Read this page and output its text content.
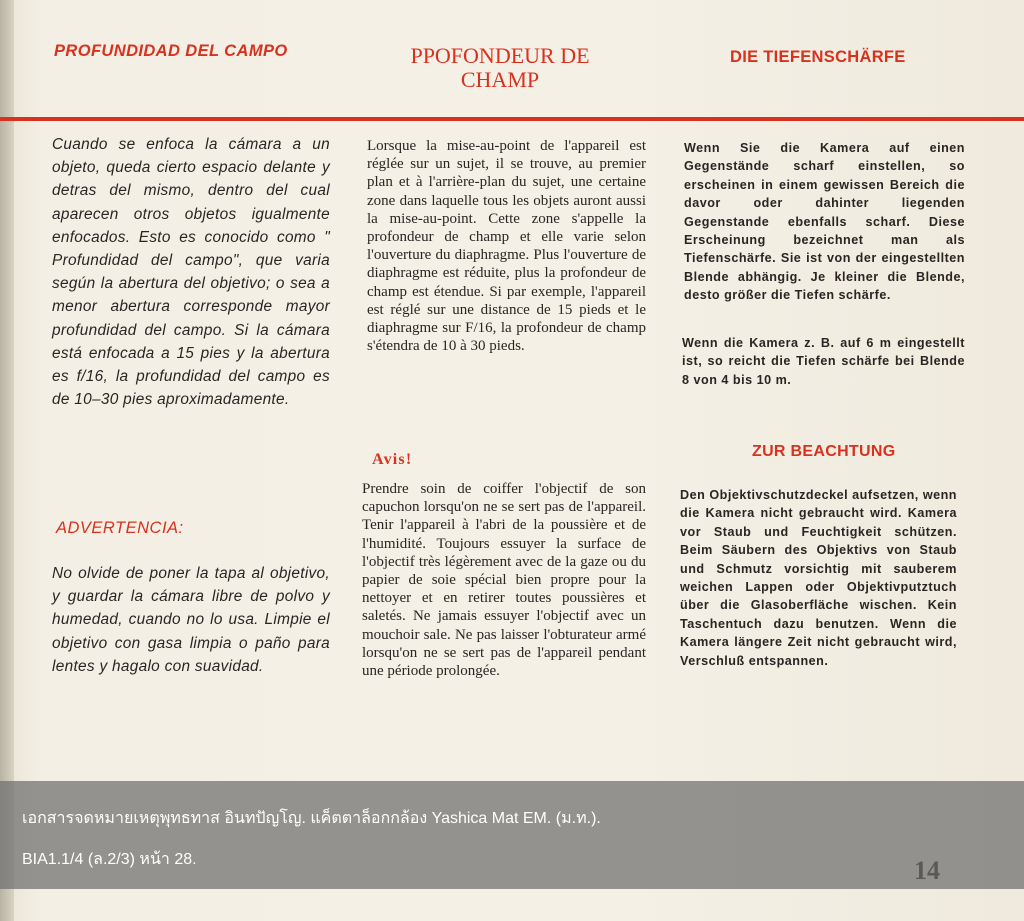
PROFUNDIDAD DEL CAMPO	PPOFONDEUR DE CHAMP
DIE TIEFENSCHÄRFE
Cuando se enfoca la cámara a un objeto, queda cierto espacio delante y detras del mismo, dentro del cual aparecen otros objetos igualmente enfocados. Esto es conocido como " Profundidad del campo", que varia según la abertura del objetivo; o sea a menor abertura corresponde mayor profundidad del campo. Si la cámara está enfocada a 15 pies y la abertura es f/16, la profundidad del campo es de 10–30 pies aproximadamente.
ADVERTENCIA:
No olvide de poner la tapa al objetivo, y guardar la cámara libre de polvo y humedad, cuando no lo usa. Limpie el objetivo con gasa limpia o paño para lentes y hagalo con suavidad.
Lorsque la mise-au-point de l'appareil est réglée sur un sujet, il se trouve, au premier plan et à l'arrière-plan du sujet, une certaine zone dans laquelle tous les objets auront aussi la mise-au-point. Cette zone s'appelle la profondeur de champ et elle varie selon l'ouverture du diaphragme. Plus l'ouverture de diaphragme est réduite, plus la profondeur de champ est étendue. Si par exemple, l'appareil est réglé sur une distance de 15 pieds et le diaphragme sur F/16, la profondeur de champ s'étendra de 10 à 30 pieds.
Avis!
Prendre soin de coiffer l'objectif de son capuchon lorsqu'on ne se sert pas de l'appareil. Tenir l'appareil à l'abri de la poussière et de l'humidité. Toujours essuyer la surface de l'objectif très légèrement avec de la gaze ou du papier de soie spécial bien propre pour la nettoyer et en retirer toutes poussières et saletés. Ne jamais essuyer l'objectif avec un mouchoir sale. Ne pas laisser l'obturateur armé lorsqu'on ne se sert pas de l'appareil pendant une période prolongée.
Wenn Sie die Kamera auf einen Gegenstände scharf einstellen, so erscheinen in einem gewissen Bereich die davor oder dahinter liegenden Gegenstande ebenfalls scharf. Diese Erscheinung bezeichnet man als Tiefenschärfe. Sie ist von der eingestellten Blende abhängig. Je kleiner die Blende, desto größer die Tiefen schärfe.
Wenn die Kamera z. B. auf 6 m eingestellt ist, so reicht die Tiefen schärfe bei Blende 8 von 4 bis 10 m.
ZUR BEACHTUNG
Den Objektivschutzdeckel aufsetzen, wenn die Kamera nicht gebraucht wird. Kamera vor Staub und Feuchtigkeit schützen. Beim Säubern des Objektivs von Staub und Schmutz vorsichtig mit sauberem weichen Lappen oder Objektivputztuch über die Glasoberfläche wischen. Kein Taschentuch dazu benutzen. Wenn die Kamera längere Zeit nicht gebraucht wird, Verschluß entspannen.
เอกสารจดหมายเหตุพุทธทาส อินทปัญโญ. แค็ตตาล็อกกล้อง Yashica Mat EM. (ม.ท.).
BIA1.1/4 (ล.2/3) หน้า 28.
